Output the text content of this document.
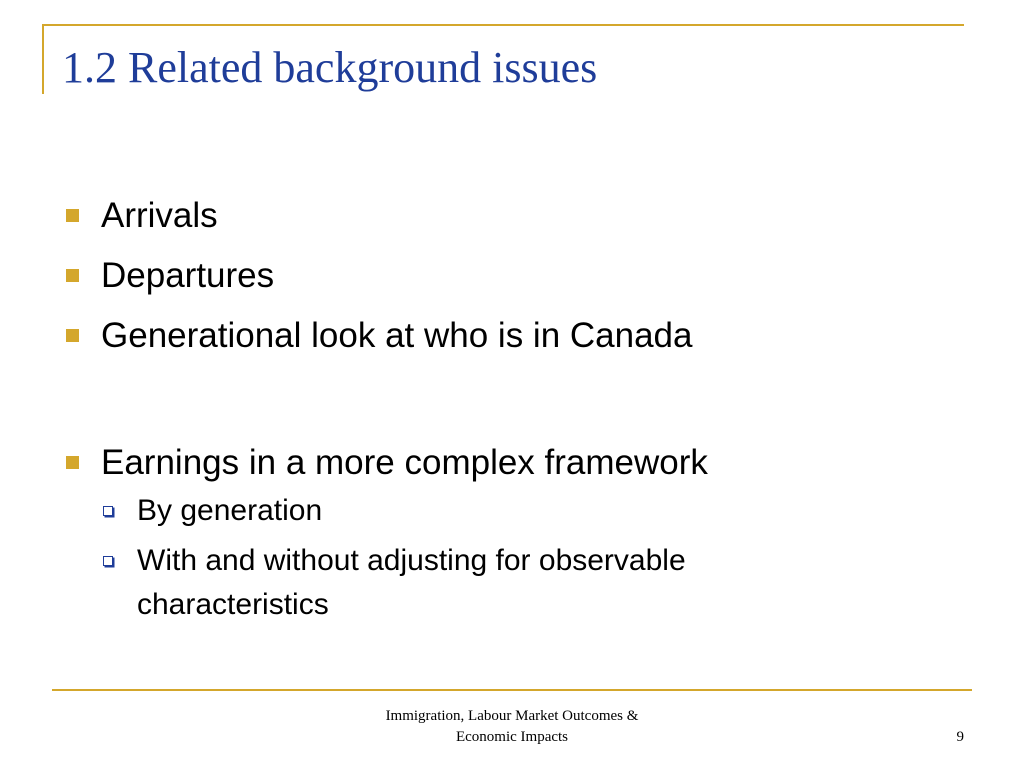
1.2 Related background issues
Arrivals
Departures
Generational look at who is in Canada
Earnings in a more complex framework
By generation
With and without adjusting for observable characteristics
Immigration, Labour Market Outcomes &
Economic Impacts	9
